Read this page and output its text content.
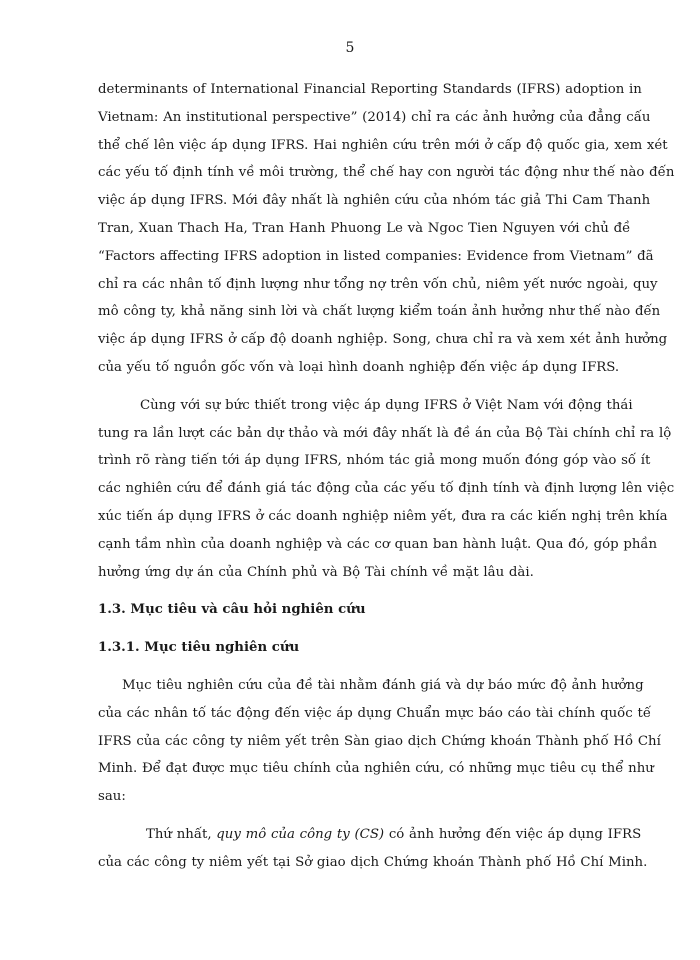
5

determinants of International Financial Reporting Standards (IFRS) adoption in
Vietnam: An institutional perspective” (2014) chỉ ra các ảnh hưởng của đẳng cấu
thể chế lên việc áp dụng IFRS. Hai nghiên cứu trên mới ở cấp độ quốc gia, xem xét
các yếu tố định tính về môi trường, thể chế hay con người tác động như thế nào đến
việc áp dụng IFRS. Mới đây nhất là nghiên cứu của nhóm tác giả Thi Cam Thanh
Tran, Xuan Thach Ha, Tran Hanh Phuong Le và Ngoc Tien Nguyen với chủ đề
“Factors affecting IFRS adoption in listed companies: Evidence from Vietnam” đã
chỉ ra các nhân tố định lượng như tổng nợ trên vốn chủ, niêm yết nước ngoài, quy
mô công ty, khả năng sinh lời và chất lượng kiểm toán ảnh hưởng như thế nào đến
việc áp dụng IFRS ở cấp độ doanh nghiệp. Song, chưa chỉ ra và xem xét ảnh hưởng
của yếu tố nguồn gốc vốn và loại hình doanh nghiệp đến việc áp dụng IFRS.

Cùng với sự bức thiết trong việc áp dụng IFRS ở Việt Nam với động thái
tung ra lần lượt các bản dự thảo và mới đây nhất là đề án của Bộ Tài chính chỉ ra lộ
trình rõ ràng tiến tới áp dụng IFRS, nhóm tác giả mong muốn đóng góp vào số ít
các nghiên cứu để đánh giá tác động của các yếu tố định tính và định lượng lên việc
xúc tiến áp dụng IFRS ở các doanh nghiệp niêm yết, đưa ra các kiến nghị trên khía
cạnh tầm nhìn của doanh nghiệp và các cơ quan ban hành luật. Qua đó, góp phần
hưởng ứng dự án của Chính phủ và Bộ Tài chính về mặt lâu dài.

1.3. Mục tiêu và câu hỏi nghiên cứu

1.3.1. Mục tiêu nghiên cứu

Mục tiêu nghiên cứu của đề tài nhằm đánh giá và dự báo mức độ ảnh hưởng
của các nhân tố tác động đến việc áp dụng Chuẩn mực báo cáo tài chính quốc tế
IFRS của các công ty niêm yết trên Sàn giao dịch Chứng khoán Thành phố Hồ Chí
Minh. Để đạt được mục tiêu chính của nghiên cứu, có những mục tiêu cụ thể như
sau:

Thứ nhất, quy mô của công ty (CS) có ảnh hưởng đến việc áp dụng IFRS
của các công ty niêm yết tại Sở giao dịch Chứng khoán Thành phố Hồ Chí Minh.
